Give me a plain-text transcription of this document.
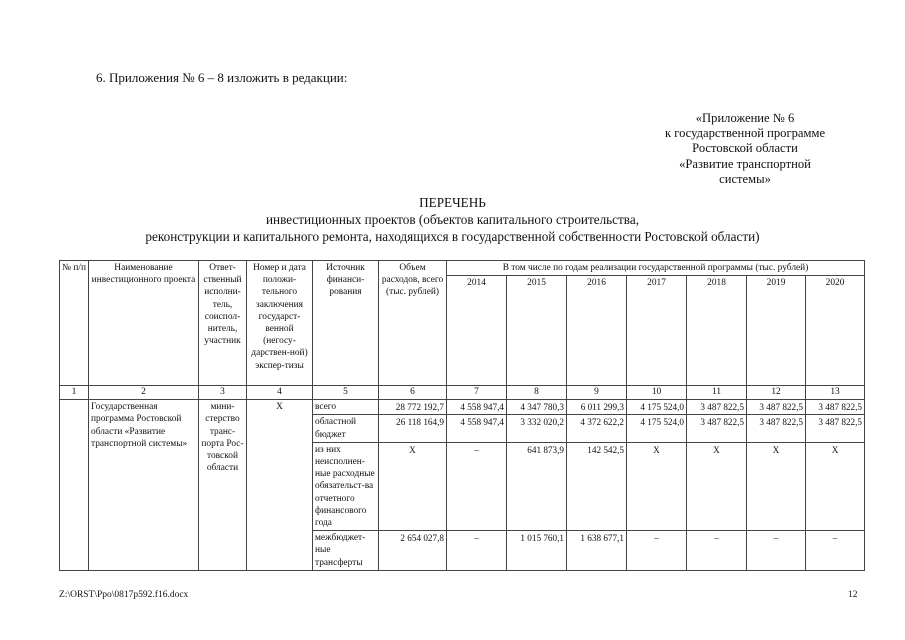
6. Приложения № 6 – 8 изложить в редакции:
«Приложение № 6
к государственной программе
Ростовской области
«Развитие транспортной
системы»
ПЕРЕЧЕНЬ
инвестиционных проектов (объектов капитального строительства,
реконструкции и капитального ремонта, находящихся в государственной собственности Ростовской области)
№ п/п	Наименование инвестиционного проекта	Ответ-ственный исполни-тель, соиспол-нитель, участник	Номер и дата положи-тельного заключения государст-венной (негосу-дарствен-ной) экспер-тизы	Источник финанси-рования	Объем расходов, всего (тыс. рублей)	В том числе по годам реализации государственной программы (тыс. рублей)						
						2014	2015	2016	2017	2018	2019	2020
1	2	3	4	5	6	7	8	9	10	11	12	13
	Государственная программа Ростовской области «Развитие транспортной системы»	мини-стерство транс-порта Рос-товской области	Х	всего	28 772 192,7	4 558 947,4	4 347 780,3	6 011 299,3	4 175 524,0	3 487 822,5	3 487 822,5	3 487 822,5
				областной бюджет	26 118 164,9	4 558 947,4	3 332 020,2	4 372 622,2	4 175 524,0	3 487 822,5	3 487 822,5	3 487 822,5
				из них неисполнен-ные расходные обязательст-ва отчетного финансового года	Х	–	641 873,9	142 542,5	Х	Х	Х	Х
				межбюджет-ные трансферты	2 654 027,8	–	1 015 760,1	1 638 677,1	–	–	–	–
Z:\ORST\Ppo\0817p592.f16.docx	12
